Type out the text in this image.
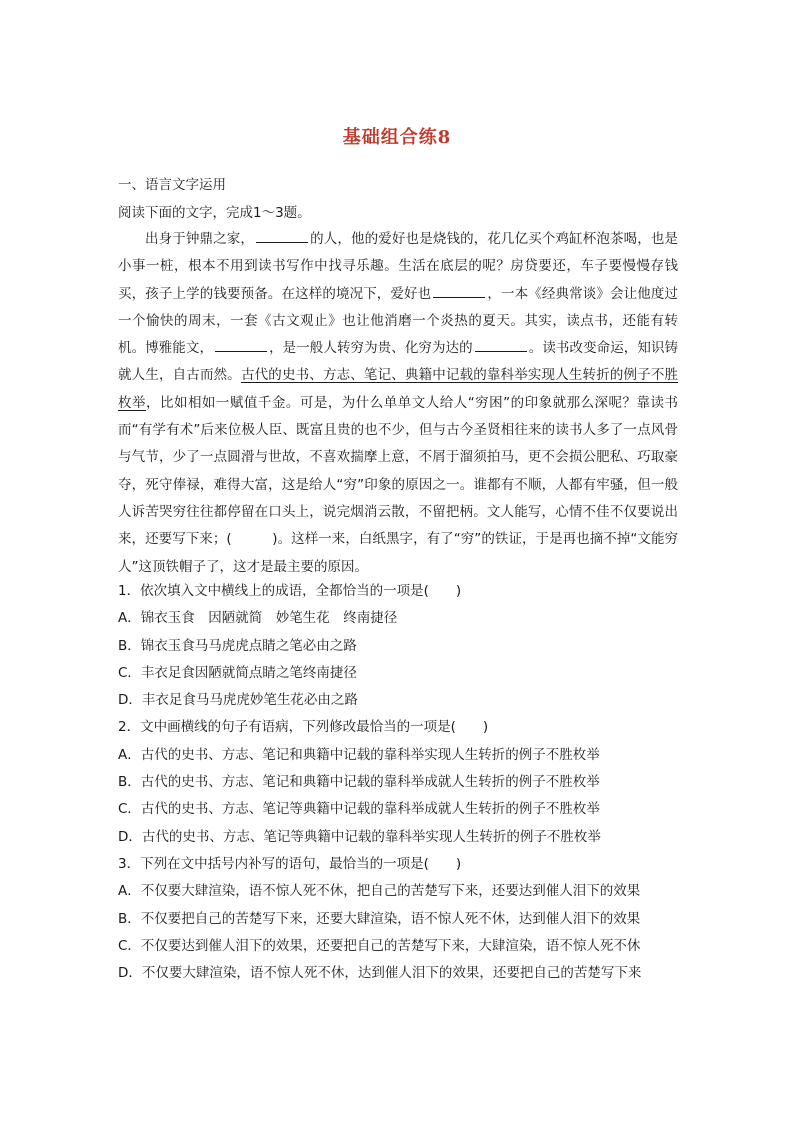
基础组合练8
一、语言文字运用
阅读下面的文字，完成1～3题。

出身于钟鼎之家，	的人，他的爱好也是烧钱的，花几亿买个鸡缸杯泡茶喝，也是小事一桩，根本不用到读书写作中找寻乐趣。生活在底层的呢？房贷要还，车子要慢慢存钱买，孩子上学的钱要预备。在这样的境况下，爱好也	，一本《经典常谈》会让他度过一个愉快的周末，一套《古文观止》也让他消磨一个炎热的夏天。其实，读点书，还能有转机。博雅能文，	，是一般人转穷为贵、化穷为达的	。读书改变命运，知识铸就人生，自古而然。古代的史书、方志、笔记、典籍中记载的靠科举实现人生转折的例子不胜枚举，比如相如一赋值千金。可是，为什么单单文人给人“穷困”的印象就那么深呢？靠读书而“有学有术”后来位极人臣、既富且贵的也不少，但与古今圣贤相往来的读书人多了一点风骨与气节，少了一点圆滑与世故，不喜欢揣摩上意，不屑于溜须拍马，更不会损公肥私、巧取豪夺，死守俸禄，难得大富，这是给人“穷”印象的原因之一。谁都有不顺，人都有牢骚，但一般人诉苦哭穷往往都停留在口头上，说完烟消云散，不留把柄。文人能写，心情不佳不仅要说出来，还要写下来；(　　　)。这样一来，白纸黑字，有了“穷”的铁证，于是再也摘不掉“文能穷人”这顶铁帽子了，这才是最主要的原因。

1．依次填入文中横线上的成语，全都恰当的一项是(　　)
A．锦衣玉食　因陋就简　妙笔生花　终南捷径
B．锦衣玉食马马虎虎点睛之笔必由之路
C．丰衣足食因陋就简点睛之笔终南捷径
D．丰衣足食马马虎虎妙笔生花必由之路
2．文中画横线的句子有语病，下列修改最恰当的一项是(　　)
A．古代的史书、方志、笔记和典籍中记载的靠科举实现人生转折的例子不胜枚举
B．古代的史书、方志、笔记和典籍中记载的靠科举成就人生转折的例子不胜枚举
C．古代的史书、方志、笔记等典籍中记载的靠科举成就人生转折的例子不胜枚举
D．古代的史书、方志、笔记等典籍中记载的靠科举实现人生转折的例子不胜枚举
3．下列在文中括号内补写的语句，最恰当的一项是(　　)
A．不仅要大肆渲染，语不惊人死不休，把自己的苦楚写下来，还要达到催人泪下的效果
B．不仅要把自己的苦楚写下来，还要大肆渲染，语不惊人死不休，达到催人泪下的效果
C．不仅要达到催人泪下的效果，还要把自己的苦楚写下来，大肆渲染，语不惊人死不休
D．不仅要大肆渲染，语不惊人死不休，达到催人泪下的效果，还要把自己的苦楚写下来
